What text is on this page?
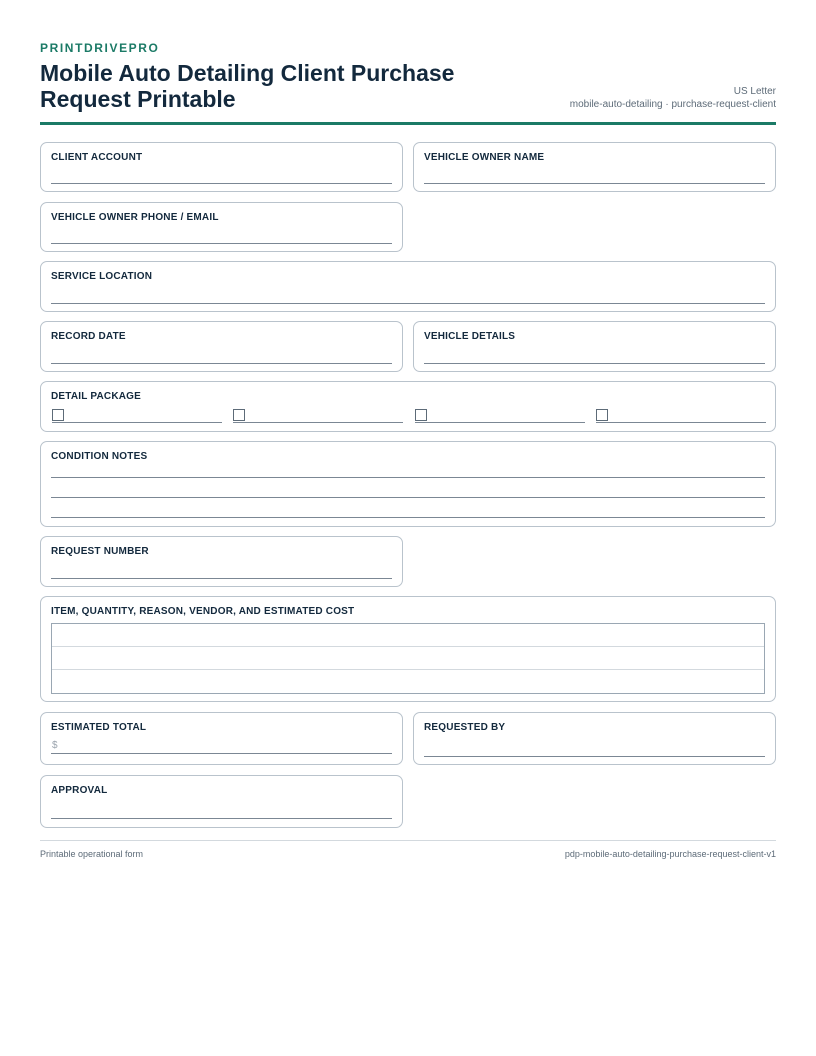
PRINTDRIVEPRO
Mobile Auto Detailing Client Purchase Request Printable	US Letter
mobile-auto-detailing · purchase-request-client
CLIENT ACCOUNT	VEHICLE OWNER NAME
VEHICLE OWNER PHONE / EMAIL
SERVICE LOCATION
RECORD DATE	VEHICLE DETAILS
DETAIL PACKAGE
CONDITION NOTES
REQUEST NUMBER
ITEM, QUANTITY, REASON, VENDOR, AND ESTIMATED COST
ESTIMATED TOTAL
$
REQUESTED BY
APPROVAL
Printable operational form	pdp-mobile-auto-detailing-purchase-request-client-v1
